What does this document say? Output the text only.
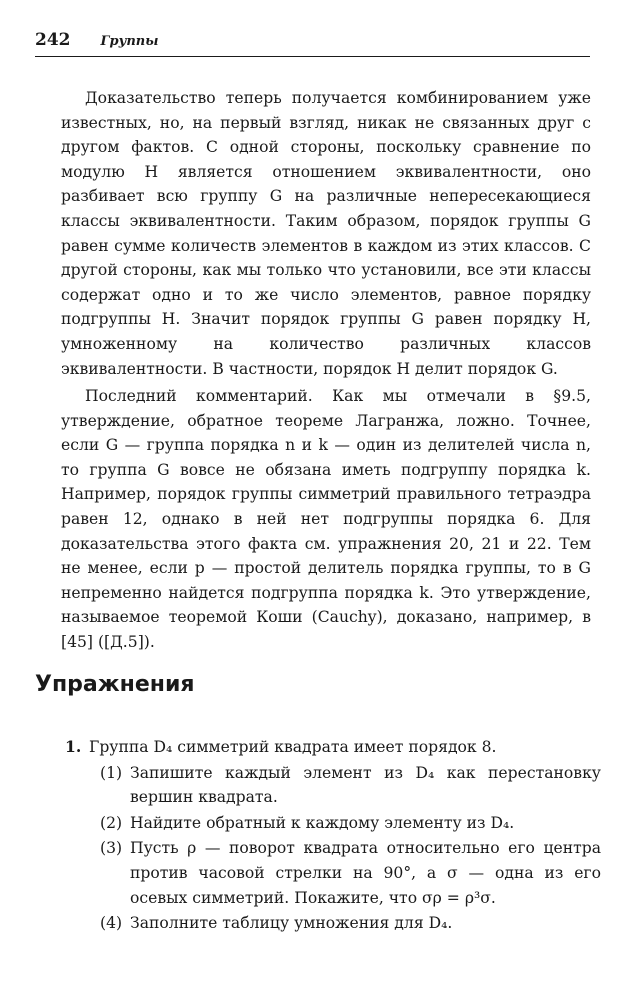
242 Группы

Доказательство теперь получается комбинированием уже известных, но, на первый взгляд, никак не связанных друг с другом фактов. С одной стороны, поскольку сравнение по модулю H является отношением эквивалентности, оно разбивает всю группу G на различные непересекающиеся классы эквивалентности. Таким образом, порядок группы G равен сумме количеств элементов в каждом из этих классов. С другой стороны, как мы только что установили, все эти классы содержат одно и то же число элементов, равное порядку подгруппы H. Значит порядок группы G равен порядку H, умноженному на количество различных классов эквивалентности. В частности, порядок H делит порядок G.

Последний комментарий. Как мы отмечали в §9.5, утверждение, обратное теореме Лагранжа, ложно. Точнее, если G — группа порядка n и k — один из делителей числа n, то группа G вовсе не обязана иметь подгруппу порядка k. Например, порядок группы симметрий правильного тетраэдра равен 12, однако в ней нет подгруппы порядка 6. Для доказательства этого факта см. упражнения 20, 21 и 22. Тем не менее, если p — простой делитель порядка группы, то в G непременно найдется подгруппа порядка k. Это утверждение, называемое теоремой Коши (Cauchy), доказано, например, в [45] ([Д.5]).

Упражнения
1. Группа D₄ симметрий квадрата имеет порядок 8.
(1) Запишите каждый элемент из D₄ как перестановку вершин квадрата.
(2) Найдите обратный к каждому элементу из D₄.
(3) Пусть ρ — поворот квадрата относительно его центра против часовой стрелки на 90°, а σ — одна из его осевых симметрий. Покажите, что σρ = ρ³σ.
(4) Заполните таблицу умножения для D₄.
